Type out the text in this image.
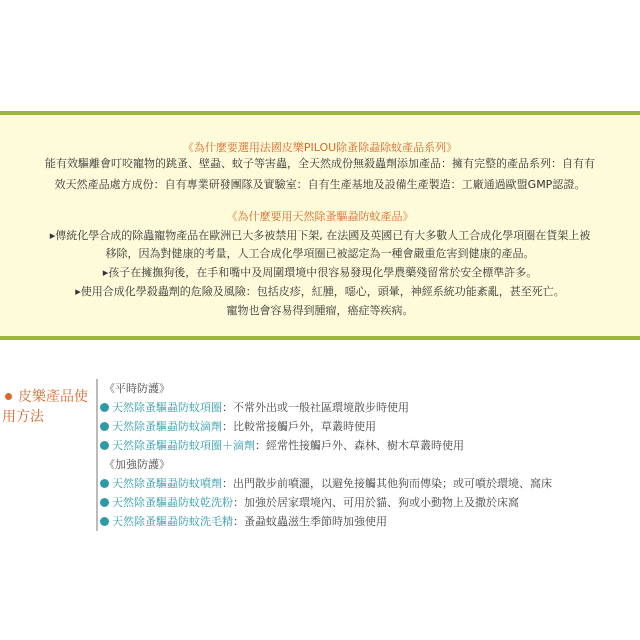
《為什麼要選用法國皮樂PILOU除蚤除蝨除蚊產品系列》
能有效驅離會叮咬寵物的跳蚤、壁蝨、蚊子等害蟲，全天然成份無殺蟲劑添加產品：擁有完整的產品系列：自有有
效天然產品處方成份：自有專業研發團隊及實驗室：自有生產基地及設備生產製造：工廠通過歐盟GMP認證。
《為什麼要用天然除蚤驅蝨防蚊產品》
▸傳統化學合成的除蟲寵物產品在歐洲已大多被禁用下架, 在法國及英國已有大多數人工合成化學項圈在貨架上被
移除，因為對健康的考量，人工合成化學項圈已被認定為一種會嚴重危害到健康的產品。
▸孩子在擁撫狗後，在手和嘴中及周圍環境中很容易發現化學農藥殘留常於安全標準許多。
▸使用合成化學殺蟲劑的危險及風險：包括皮疹，紅腫，噁心，頭暈，神經系統功能紊亂，甚至死亡。
寵物也會容易得到腫瘤，癌症等疾病。
皮樂產品使用方法
《平時防護》
天然除蚤驅蝨防蚊項圈：不常外出或一般社區環境散步時使用
天然除蚤驅蝨防蚊滴劑：比較常接觸戶外，草叢時使用
天然除蚤驅蝨防蚊項圈＋滴劑：經常性接觸戶外、森林、樹木草叢時使用
《加強防護》
天然除蚤驅蝨防蚊噴劑：出門散步前噴灑，以避免接觸其他狗而傳染；或可噴於環境、窩床
天然除蚤驅蝨防蚊乾洗粉：加強於居家環境內、可用於貓、狗或小動物上及撒於床窩
天然除蚤驅蝨防蚊洗毛精：蚤蝨蚊蟲滋生季節時加強使用
